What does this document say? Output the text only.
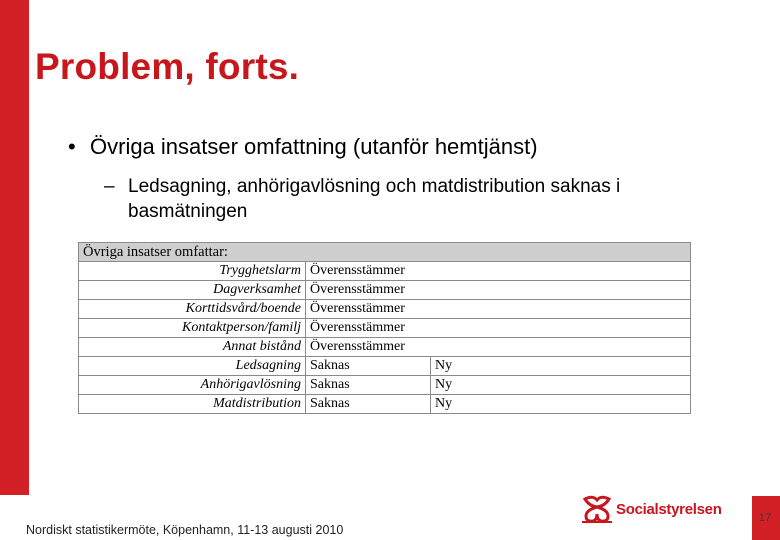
17
Problem, forts.
• Övriga insatser omfattning (utanför hemtjänst)
– Ledsagning, anhörigavlösning och matdistribution saknas i basmätningen
Övriga insatser omfattar:		
Trygghetslarm	Överensstämmer	
Dagverksamhet	Överensstämmer	
Korttidsvård/boende	Överensstämmer	
Kontaktperson/familj	Överensstämmer	
Annat bistånd	Överensstämmer	
Ledsagning	Saknas	Ny
Anhörigavlösning	Saknas	Ny
Matdistribution	Saknas	Ny
Nordiskt statistikermöte, Köpenhamn, 11-13 augusti 2010
Socialstyrelsen
